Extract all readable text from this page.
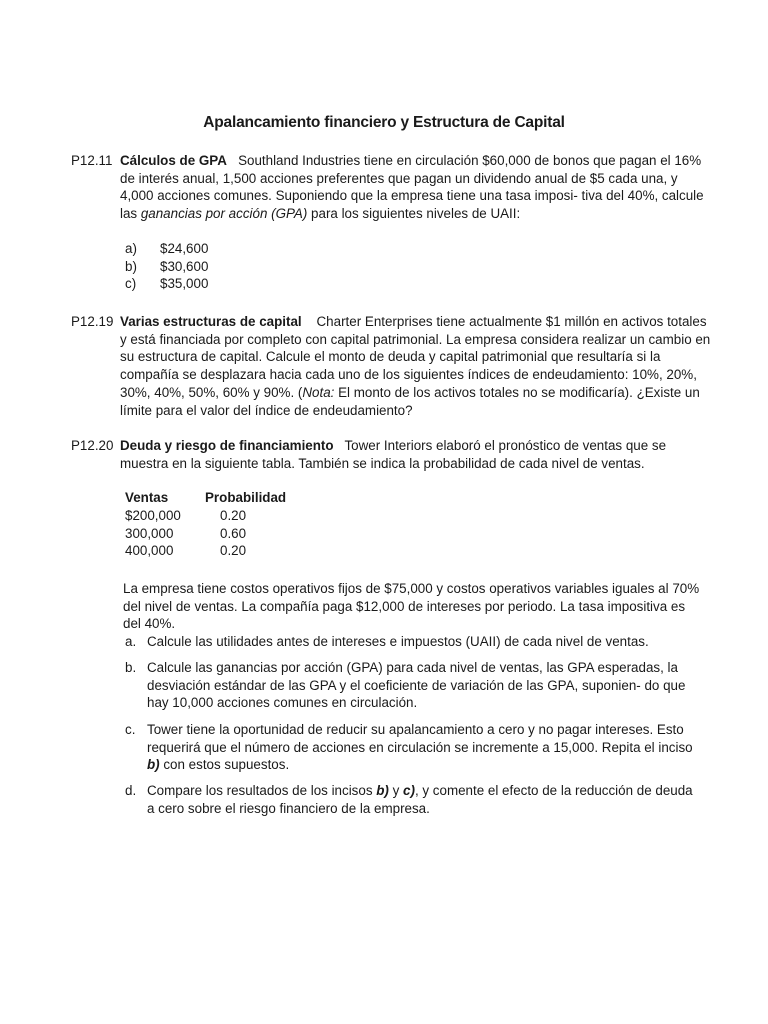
Apalancamiento financiero y Estructura de Capital
P12.11 Cálculos de GPA Southland Industries tiene en circulación $60,000 de bonos que pagan el 16% de interés anual, 1,500 acciones preferentes que pagan un dividendo anual de $5 cada una, y 4,000 acciones comunes. Suponiendo que la empresa tiene una tasa imposi- tiva del 40%, calcule las ganancias por acción (GPA) para los siguientes niveles de UAII:
a) $24,600
b) $30,600
c) $35,000
P12.19 Varias estructuras de capital Charter Enterprises tiene actualmente $1 millón en activos totales y está financiada por completo con capital patrimonial. La empresa considera realizar un cambio en su estructura de capital. Calcule el monto de deuda y capital patrimonial que resultaría si la compañía se desplazara hacia cada uno de los siguientes índices de endeudamiento: 10%, 20%, 30%, 40%, 50%, 60% y 90%. (Nota: El monto de los activos totales no se modificaría). ¿Existe un límite para el valor del índice de endeudamiento?
P12.20 Deuda y riesgo de financiamiento Tower Interiors elaboró el pronóstico de ventas que se muestra en la siguiente tabla. También se indica la probabilidad de cada nivel de ventas.
Ventas	Probabilidad
$200,000	0.20
300,000	0.60
400,000	0.20
La empresa tiene costos operativos fijos de $75,000 y costos operativos variables iguales al 70% del nivel de ventas. La compañía paga $12,000 de intereses por periodo. La tasa impositiva es del 40%.
a. Calcule las utilidades antes de intereses e impuestos (UAII) de cada nivel de ventas.
b. Calcule las ganancias por acción (GPA) para cada nivel de ventas, las GPA esperadas, la desviación estándar de las GPA y el coeficiente de variación de las GPA, suponien- do que hay 10,000 acciones comunes en circulación.
c. Tower tiene la oportunidad de reducir su apalancamiento a cero y no pagar intereses. Esto requerirá que el número de acciones en circulación se incremente a 15,000. Repita el inciso b) con estos supuestos.
d. Compare los resultados de los incisos b) y c), y comente el efecto de la reducción de deuda a cero sobre el riesgo financiero de la empresa.
